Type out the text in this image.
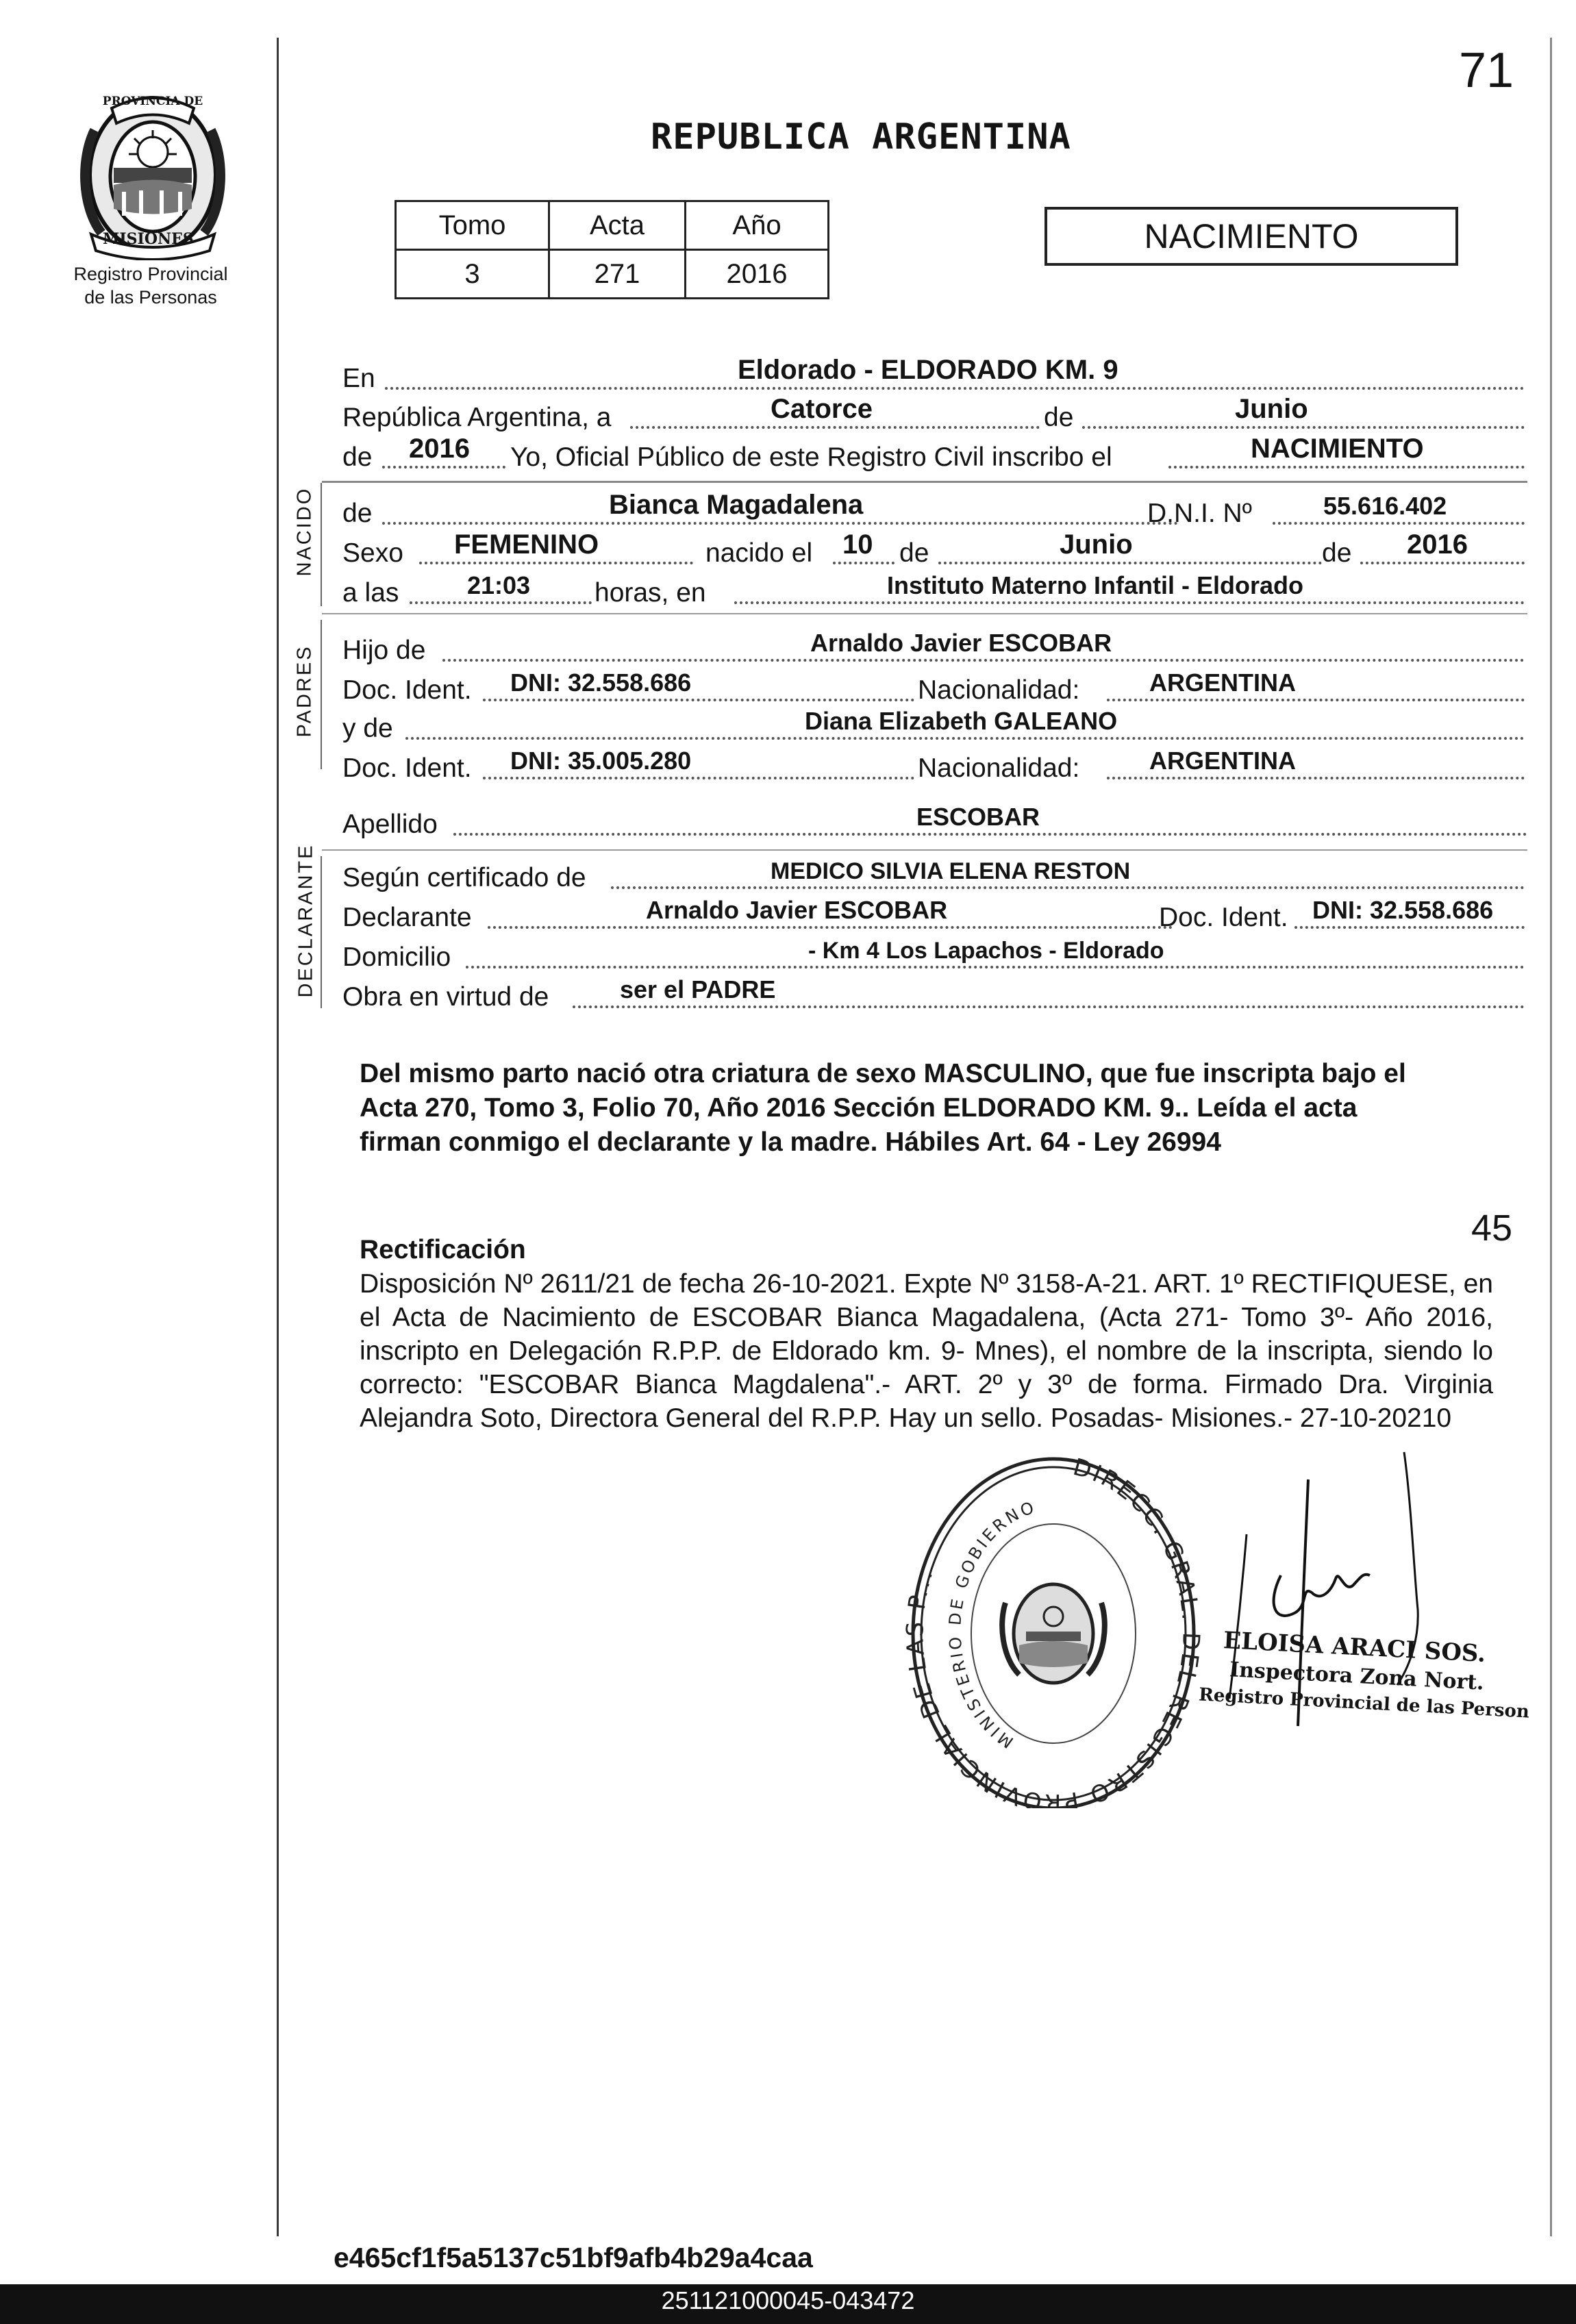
PROVINCIA DE
MISIONES
Registro Provincial
de las Personas
71
REPUBLICA ARGENTINA
Tomo	Acta	Año
3	271	2016
NACIMIENTO
NACIDO
PADRES
DECLARANTE
En	Eldorado - ELDORADO KM. 9
República Argentina, a	Catorce	de	Junio
de 2016 Yo, Oficial Público de este Registro Civil inscribo el	NACIMIENTO
de	Bianca Magadalena	D.N.I. Nº	55.616.402
Sexo FEMENINO	nacido el 10 de	Junio	de 2016
a las	21:03 horas, en	Instituto Materno Infantil - Eldorado
Hijo de	Arnaldo Javier ESCOBAR
Doc. Ident. DNI: 32.558.686	Nacionalidad:	ARGENTINA
y de	Diana Elizabeth GALEANO
Doc. Ident. DNI: 35.005.280	Nacionalidad:	ARGENTINA
Apellido	ESCOBAR
Según certificado de	MEDICO SILVIA ELENA RESTON
Declarante	Arnaldo Javier ESCOBAR	Doc. Ident. DNI: 32.558.686
Domicilio	- Km 4 Los Lapachos - Eldorado
Obra en virtud de	ser el PADRE
Del mismo parto nació otra criatura de sexo MASCULINO, que fue inscripta bajo el
Acta 270, Tomo 3, Folio 70, Año 2016 Sección ELDORADO KM. 9.. Leída el acta
firman conmigo el declarante y la madre. Hábiles Art. 64 - Ley 26994
45
Rectificación
Disposición Nº 2611/21 de fecha 26-10-2021. Expte Nº 3158-A-21. ART. 1º RECTIFIQUESE, en el Acta de Nacimiento de ESCOBAR Bianca Magadalena, (Acta 271- Tomo 3º- Año 2016, inscripto en Delegación R.P.P. de Eldorado km. 9- Mnes), el nombre de la inscripta, siendo lo correcto: "ESCOBAR Bianca Magdalena".- ART. 2º y 3º de forma. Firmado Dra. Virginia Alejandra Soto, Directora General del R.P.P. Hay un sello. Posadas- Misiones.- 27-10-20210
DIRECC. GRAL. DEL REGISTRO PROVINCIAL DE LAS P...
MINISTERIO DE GOBIERNO
ELOISA ARACI SOS.
Inspectora Zona Nort.
Registro Provincial de las Person
e465cf1f5a5137c51bf9afb4b29a4caa
251121000045-043472
